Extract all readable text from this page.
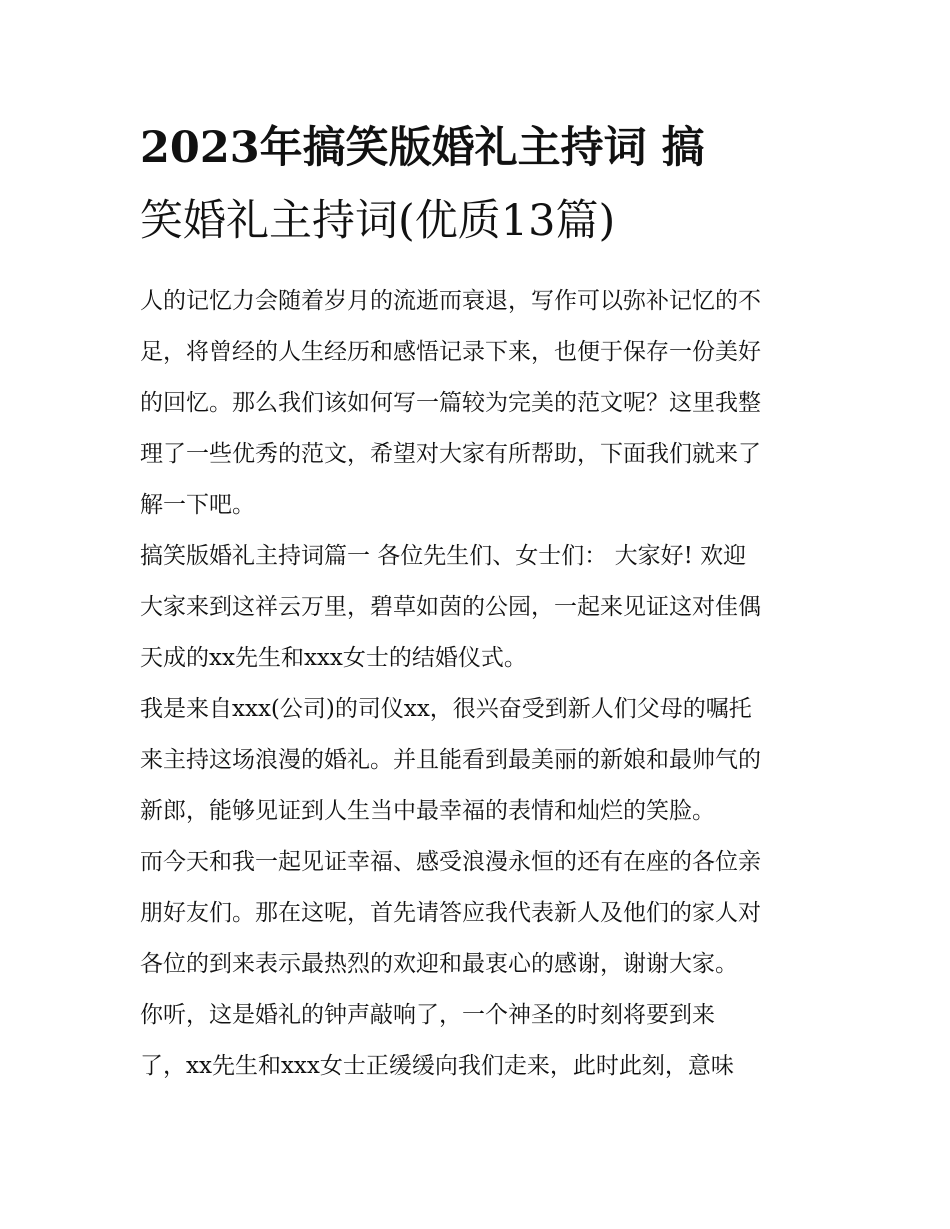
2023年搞笑版婚礼主持词 搞
笑婚礼主持词(优质13篇)
人的记忆力会随着岁月的流逝而衰退，写作可以弥补记忆的不
足，将曾经的人生经历和感悟记录下来，也便于保存一份美好
的回忆。那么我们该如何写一篇较为完美的范文呢？这里我整
理了一些优秀的范文，希望对大家有所帮助，下面我们就来了
解一下吧。
搞笑版婚礼主持词篇一 各位先生们、女士们： 大家好! 欢迎
大家来到这祥云万里，碧草如茵的公园，一起来见证这对佳偶
天成的xx先生和xxx女士的结婚仪式。
我是来自xxx(公司)的司仪xx，很兴奋受到新人们父母的嘱托
来主持这场浪漫的婚礼。并且能看到最美丽的新娘和最帅气的
新郎，能够见证到人生当中最幸福的表情和灿烂的笑脸。
而今天和我一起见证幸福、感受浪漫永恒的还有在座的各位亲
朋好友们。那在这呢，首先请答应我代表新人及他们的家人对
各位的到来表示最热烈的欢迎和最衷心的感谢，谢谢大家。
你听，这是婚礼的钟声敲响了，一个神圣的时刻将要到来
了，xx先生和xxx女士正缓缓向我们走来，此时此刻，意味
